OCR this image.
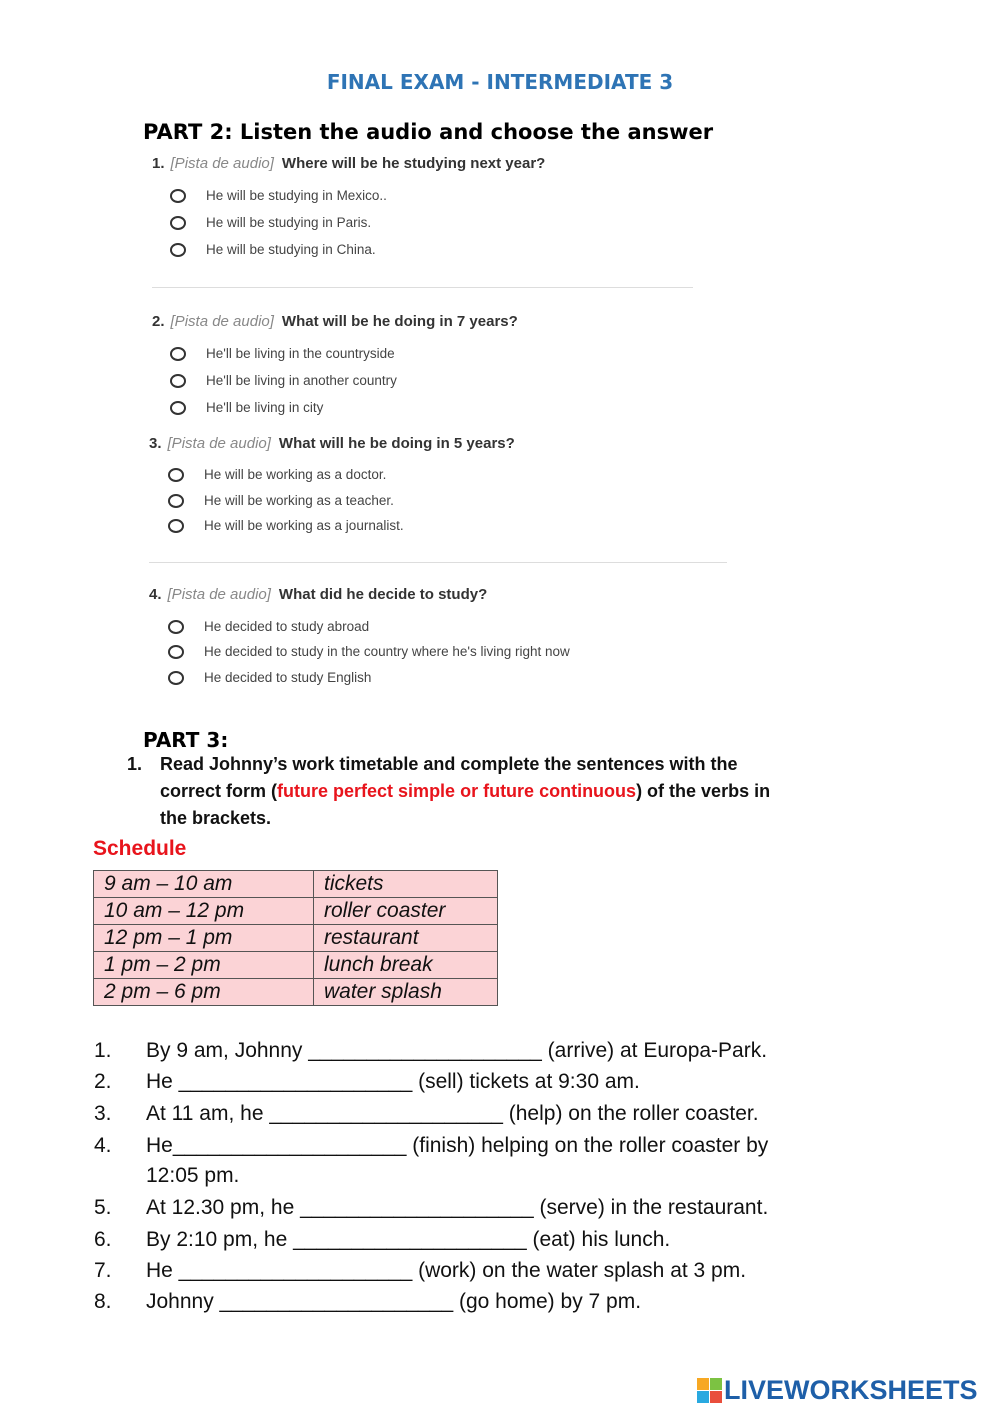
FINAL EXAM - INTERMEDIATE 3
PART 2: Listen the audio and choose the answer
1. [Pista de audio] Where will be he studying next year?
He will be studying in Mexico..
He will be studying in Paris.
He will be studying in China.
2. [Pista de audio] What will be he doing in 7 years?
He'll be living in the countryside
He'll be living in another country
He'll be living in city
3. [Pista de audio] What will he be doing in 5 years?
He will be working as a doctor.
He will be working as a teacher.
He will be working as a journalist.
4. [Pista de audio] What did he decide to study?
He decided to study abroad
He decided to study in the country where he's living right now
He decided to study English
PART 3:
1. Read Johnny’s work timetable and complete the sentences with the
correct form (future perfect simple or future continuous) of the verbs in
the brackets.
Schedule
9 am – 10 am	tickets
10 am – 12 pm	roller coaster
12 pm – 1 pm	restaurant
1 pm – 2 pm	lunch break
2 pm – 6 pm	water splash
1. By 9 am, Johnny ____________________ (arrive) at Europa-Park.
2. He ____________________ (sell) tickets at 9:30 am.
3. At 11 am, he ____________________ (help) on the roller coaster.
4. He____________________ (finish) helping on the roller coaster by
12:05 pm.
5. At 12.30 pm, he ____________________ (serve) in the restaurant.
6. By 2:10 pm, he ____________________ (eat) his lunch.
7. He ____________________ (work) on the water splash at 3 pm.
8. Johnny ____________________ (go home) by 7 pm.
LIVEWORKSHEETS
